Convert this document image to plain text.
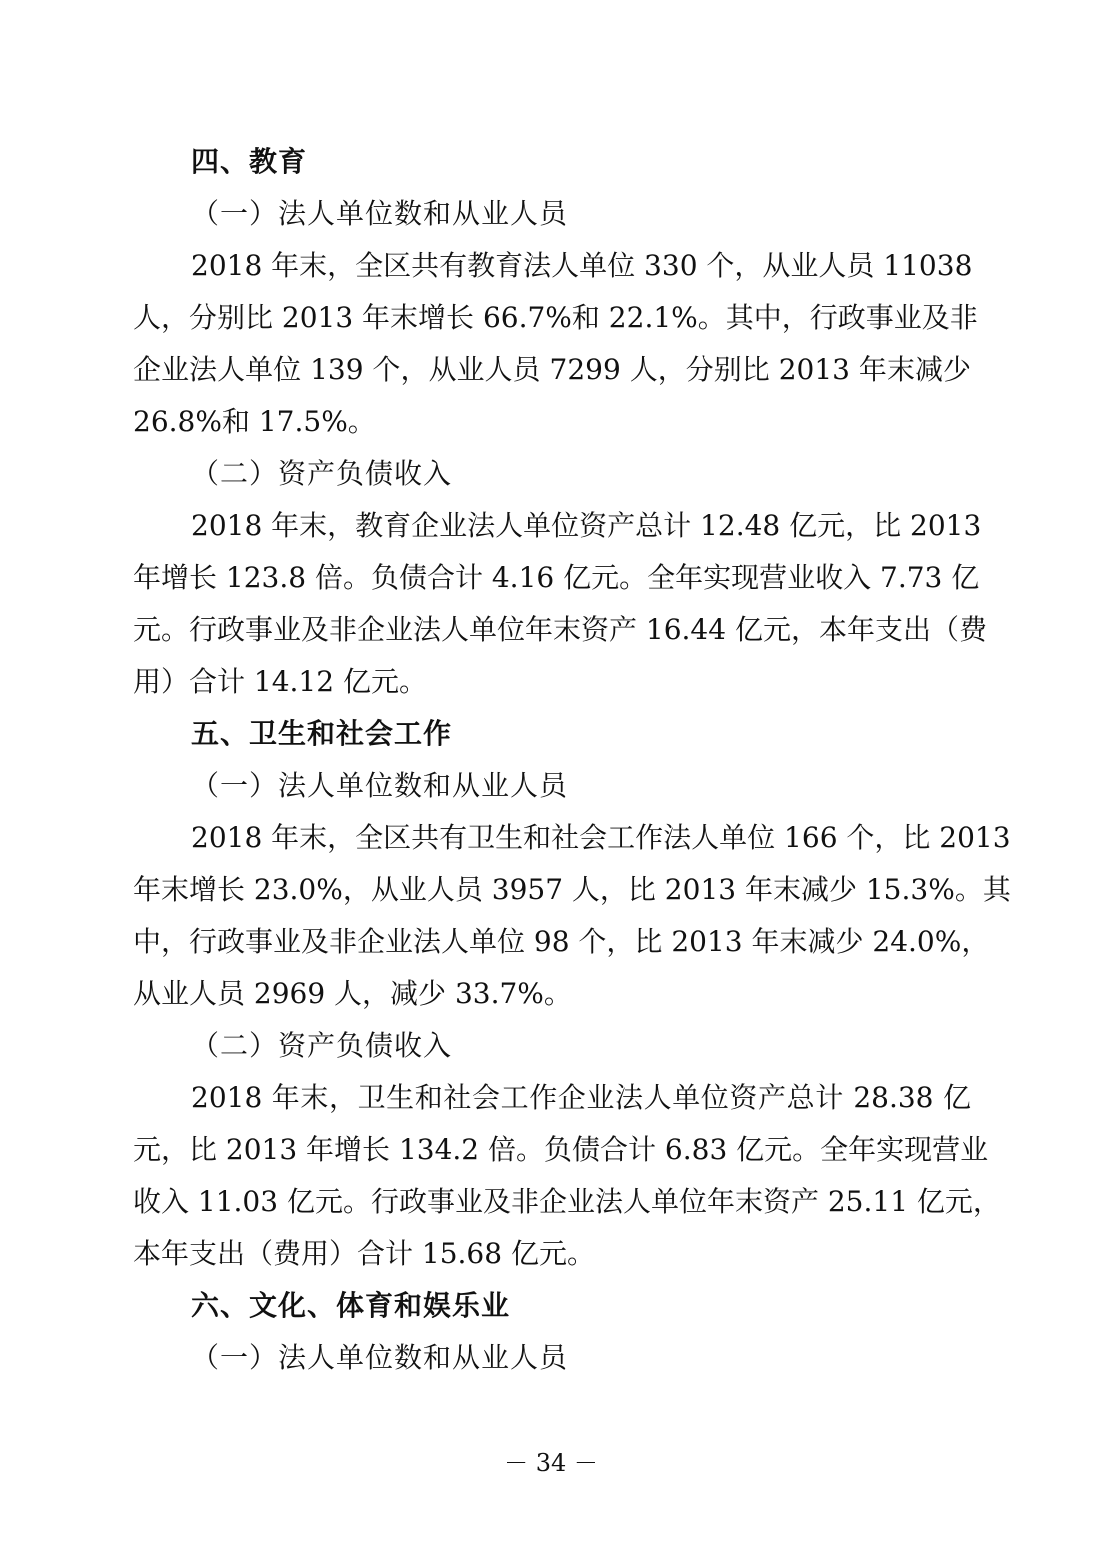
四、教育
（一）法人单位数和从业人员
2018 年末，全区共有教育法人单位 330 个，从业人员 11038
人，分别比 2013 年末增长 66.7%和 22.1%。其中，行政事业及非
企业法人单位 139 个，从业人员 7299 人，分别比 2013 年末减少
26.8%和 17.5%。
（二）资产负债收入
2018 年末，教育企业法人单位资产总计 12.48 亿元，比 2013
年增长 123.8 倍。负债合计 4.16 亿元。全年实现营业收入 7.73 亿
元。行政事业及非企业法人单位年末资产 16.44 亿元，本年支出（费
用）合计 14.12 亿元。
五、卫生和社会工作
（一）法人单位数和从业人员
2018 年末，全区共有卫生和社会工作法人单位 166 个，比 2013
年末增长 23.0%，从业人员 3957 人，比 2013 年末减少 15.3%。其
中，行政事业及非企业法人单位 98 个，比 2013 年末减少 24.0%，
从业人员 2969 人，减少 33.7%。
（二）资产负债收入
2018 年末，卫生和社会工作企业法人单位资产总计 28.38 亿
元，比 2013 年增长 134.2 倍。负债合计 6.83 亿元。全年实现营业
收入 11.03 亿元。行政事业及非企业法人单位年末资产 25.11 亿元，
本年支出（费用）合计 15.68 亿元。
六、文化、体育和娱乐业
（一）法人单位数和从业人员
－ 34 －
